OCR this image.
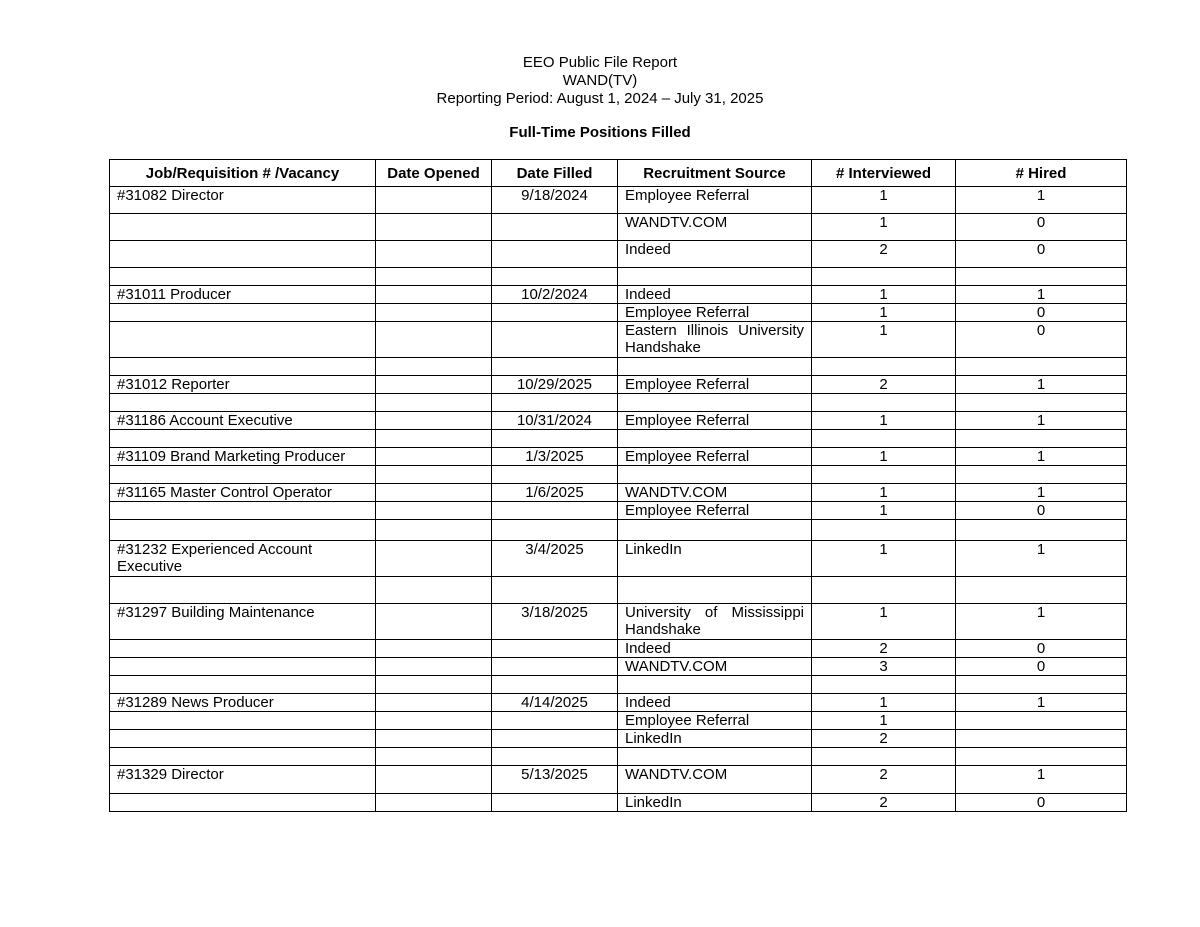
EEO Public File Report
WAND(TV)
Reporting Period: August 1, 2024 – July 31, 2025
Full-Time Positions Filled
Job/Requisition # /Vacancy	Date Opened	Date Filled	Recruitment Source	# Interviewed	# Hired
#31082 Director		9/18/2024	Employee Referral	1	1
			WANDTV.COM	1	0
			Indeed	2	0

#31011 Producer		10/2/2024	Indeed	1	1
			Employee Referral	1	0
			Eastern Illinois University Handshake	1	0

#31012 Reporter		10/29/2025	Employee Referral	2	1

#31186 Account Executive		10/31/2024	Employee Referral	1	1

#31109 Brand Marketing Producer		1/3/2025	Employee Referral	1	1

#31165 Master Control Operator		1/6/2025	WANDTV.COM	1	1
			Employee Referral	1	0

#31232 Experienced Account Executive		3/4/2025	LinkedIn	1	1

#31297 Building Maintenance		3/18/2025	University of Mississippi Handshake	1	1
			Indeed	2	0
			WANDTV.COM	3	0

#31289 News Producer		4/14/2025	Indeed	1	1
			Employee Referral	1	
			LinkedIn	2	

#31329 Director		5/13/2025	WANDTV.COM	2	1
			LinkedIn	2	0
